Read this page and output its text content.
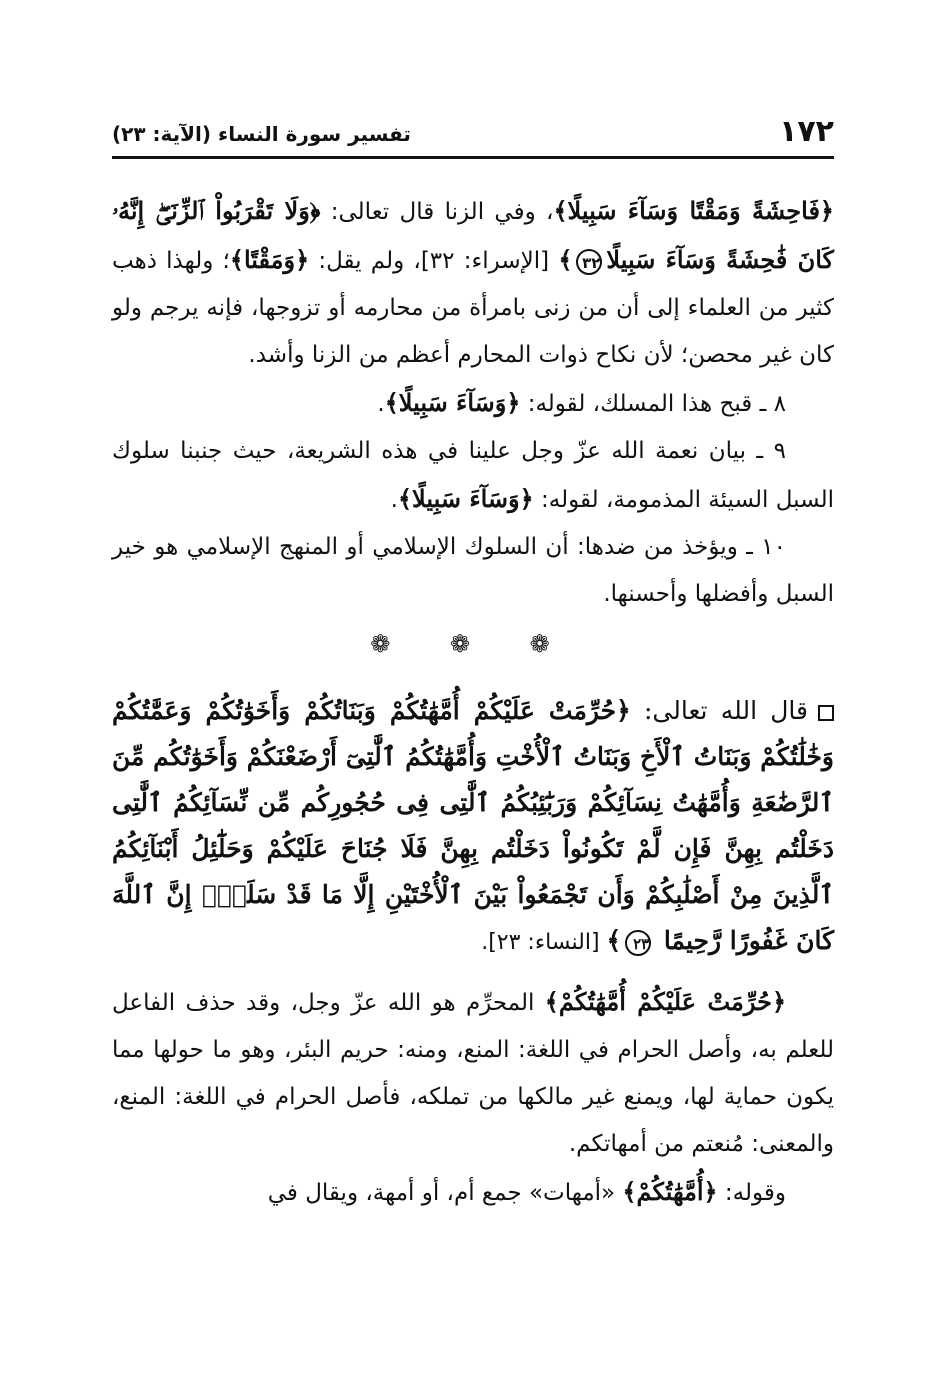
١٧٢
تفسير سورة النساء (الآية: ٢٣)

﴿فَاحِشَةً وَمَقْتًا وَسَآءَ سَبِيلًا﴾، وفي الزنا قال تعالى: ﴿وَلَا تَقْرَبُواْ ٱلزِّنَىٰٓۖ إِنَّهُۥ كَانَ فَٰحِشَةً وَسَآءَ سَبِيلًا٣٢﴾ [الإسراء: ٣٢]، ولم يقل: ﴿وَمَقْتًا﴾؛ ولهذا ذهب كثير من العلماء إلى أن من زنى بامرأة من محارمه أو تزوجها، فإنه يرجم ولو كان غير محصن؛ لأن نكاح ذوات المحارم أعظم من الزنا وأشد.

٨ ـ قبح هذا المسلك، لقوله: ﴿وَسَآءَ سَبِيلًا﴾.

٩ ـ بيان نعمة الله عزّ وجل علينا في هذه الشريعة، حيث جنبنا سلوك السبل السيئة المذمومة، لقوله: ﴿وَسَآءَ سَبِيلًا﴾.

١٠ ـ ويؤخذ من ضدها: أن السلوك الإسلامي أو المنهج الإسلامي هو خير السبل وأفضلها وأحسنها.

❁ ❁ ❁

قال الله تعالى: ﴿حُرِّمَتْ عَلَيْكُمْ أُمَّهَٰتُكُمْ وَبَنَاتُكُمْ وَأَخَوَٰتُكُمْ وَعَمَّٰتُكُمْ وَخَٰلَٰتُكُمْ وَبَنَاتُ ٱلْأَخِ وَبَنَاتُ ٱلْأُخْتِ وَأُمَّهَٰتُكُمُ ٱلَّٰتِىٓ أَرْضَعْنَكُمْ وَأَخَوَٰتُكُم مِّنَ ٱلرَّضَٰعَةِ وَأُمَّهَٰتُ نِسَآئِكُمْ وَرَبَٰٓئِبُكُمُ ٱلَّٰتِى فِى حُجُورِكُم مِّن نِّسَآئِكُمُ ٱلَّٰتِى دَخَلْتُم بِهِنَّ فَإِن لَّمْ تَكُونُواْ دَخَلْتُم بِهِنَّ فَلَا جُنَاحَ عَلَيْكُمْ وَحَلَٰٓئِلُ أَبْنَآئِكُمُ ٱلَّذِينَ مِنْ أَصْلَٰبِكُمْ وَأَن تَجْمَعُواْ بَيْنَ ٱلْأُخْتَيْنِ إِلَّا مَا قَدْ سَلَفَۗ إِنَّ ٱللَّهَ كَانَ غَفُورًا رَّحِيمًا ٢٣﴾ [النساء: ٢٣].

﴿حُرِّمَتْ عَلَيْكُمْ أُمَّهَٰتُكُمْ﴾ المحرِّم هو الله عزّ وجل، وقد حذف الفاعل للعلم به، وأصل الحرام في اللغة: المنع، ومنه: حريم البئر، وهو ما حولها مما يكون حماية لها، ويمنع غير مالكها من تملكه، فأصل الحرام في اللغة: المنع، والمعنى: مُنعتم من أمهاتكم.

وقوله: ﴿أُمَّهَٰتُكُمْ﴾ «أمهات» جمع أم، أو أمهة، ويقال في
